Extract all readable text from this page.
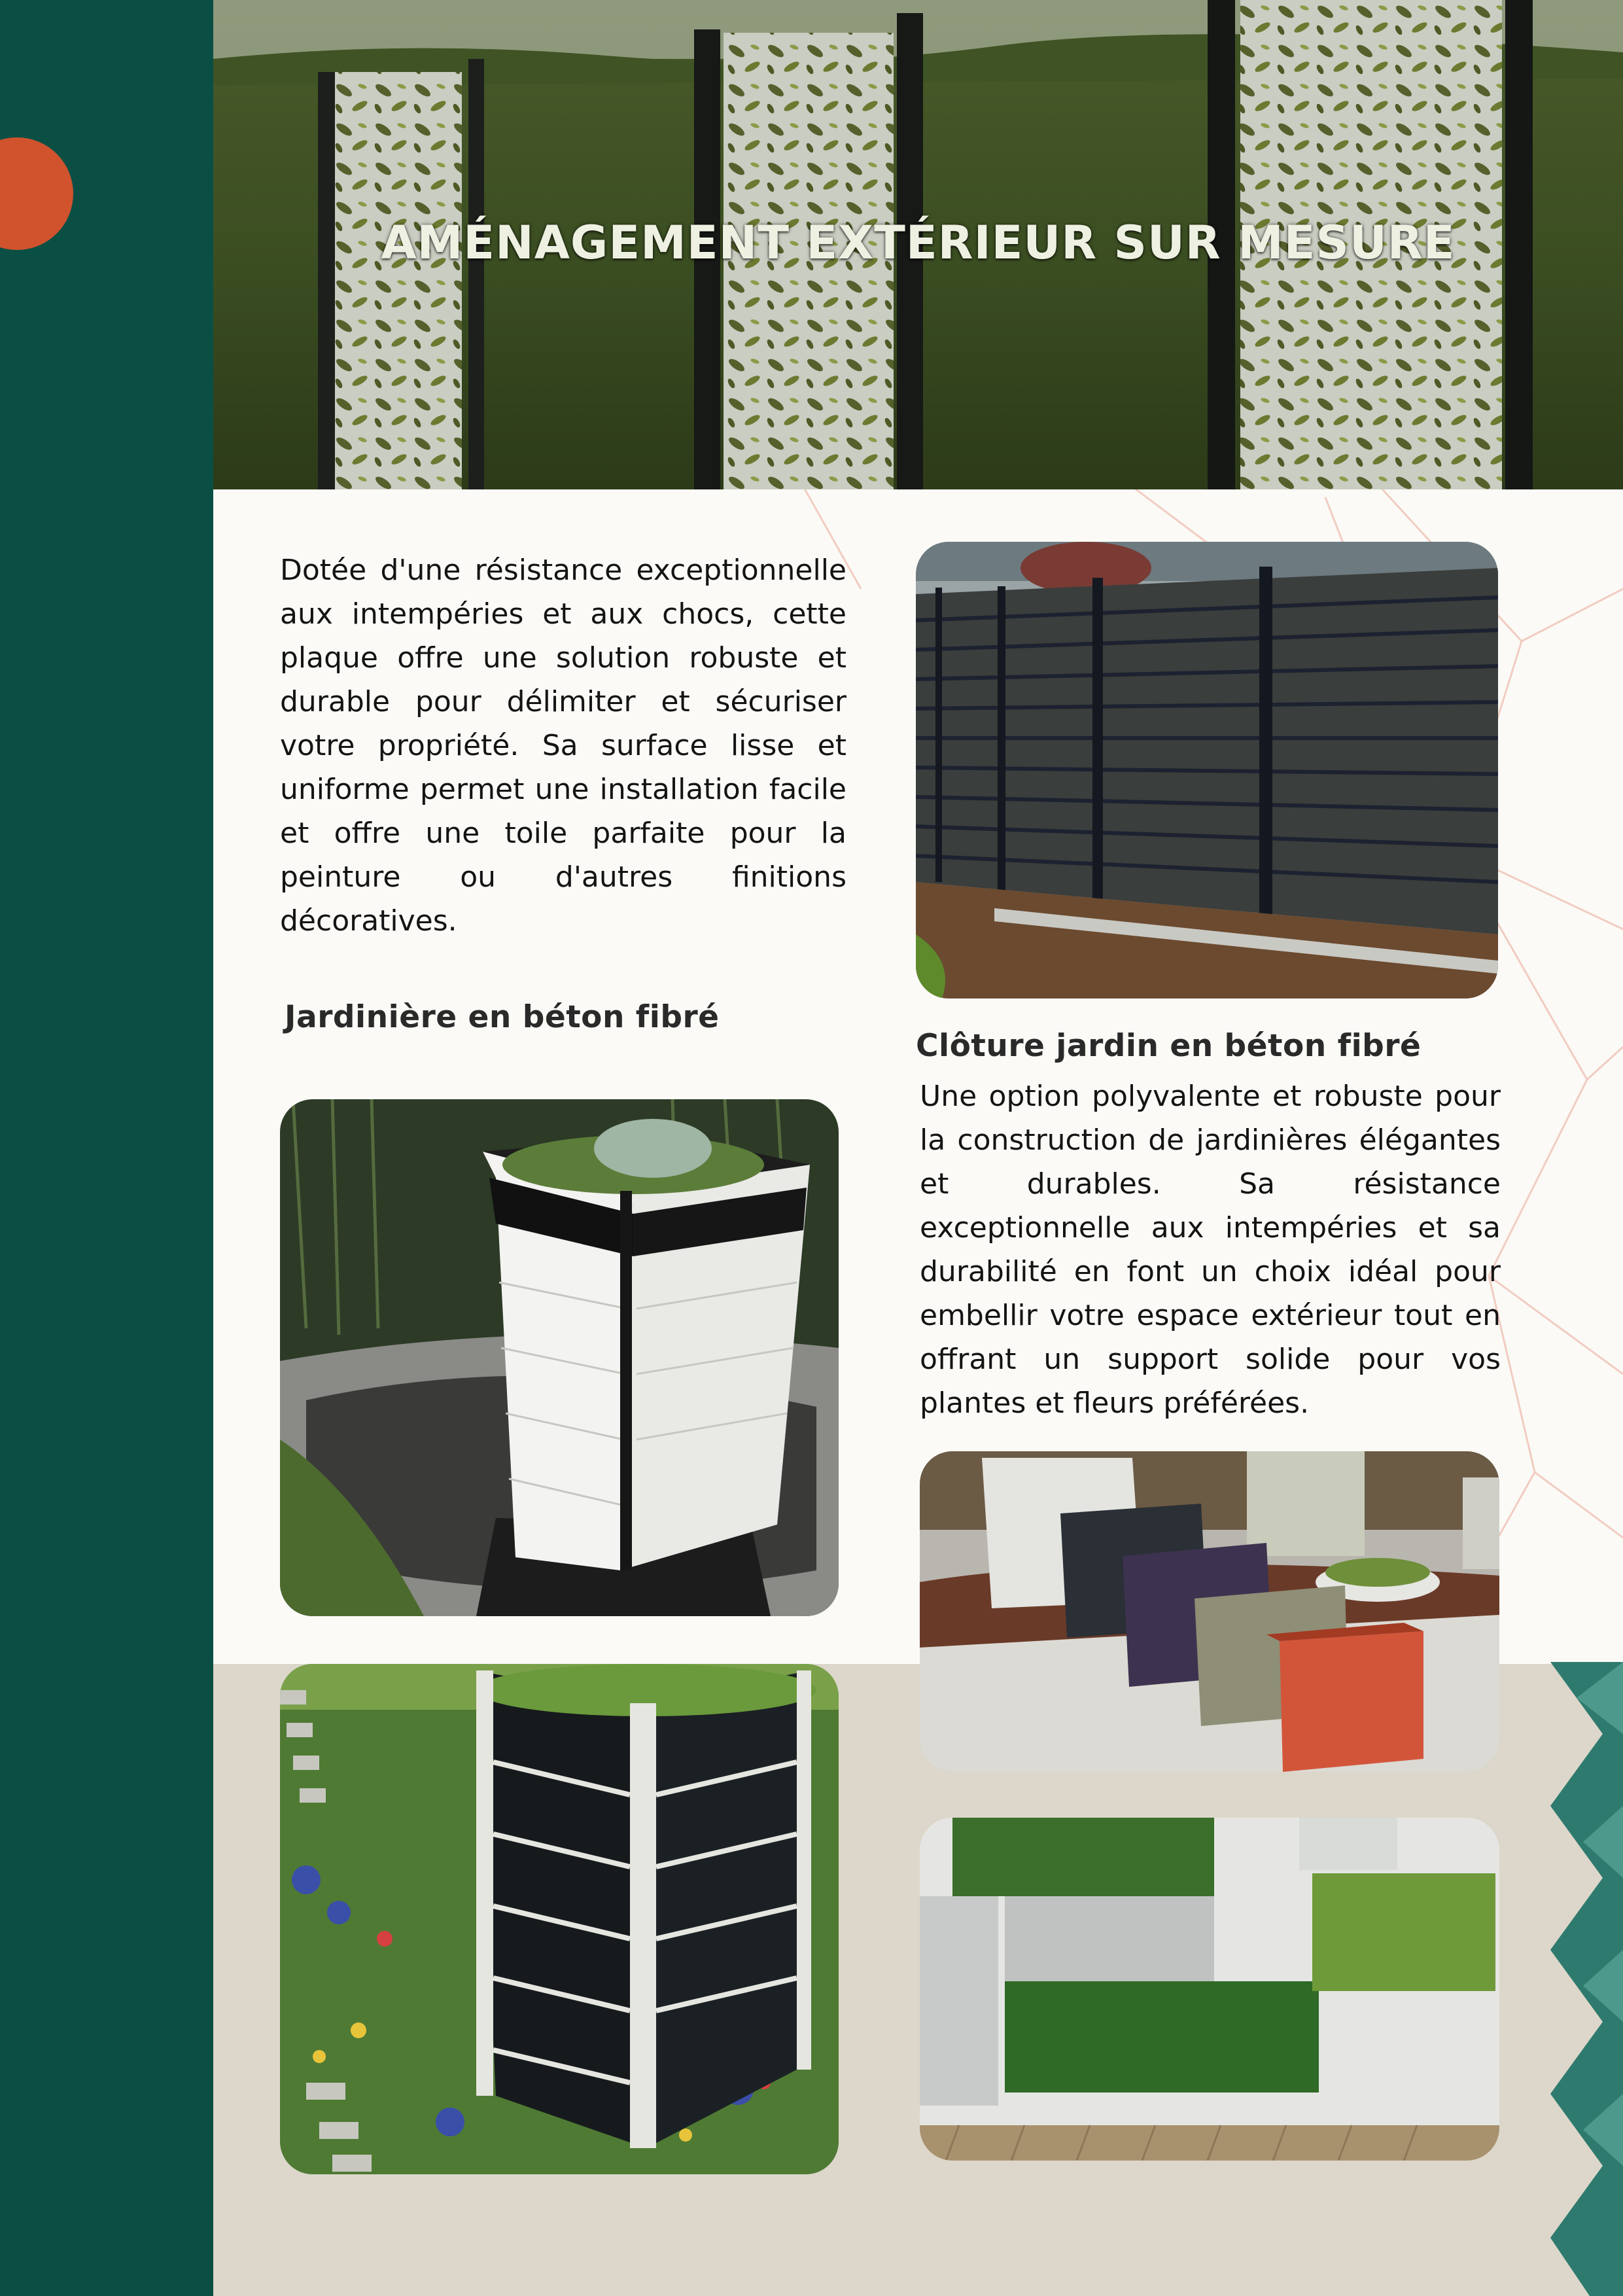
AMÉNAGEMENT EXTÉRIEUR SUR MESURE

Dotée d'une résistance exceptionnelle aux intempéries et aux chocs, cette plaque offre une solution robuste et durable pour délimiter et sécuriser votre propriété. Sa surface lisse et uniforme permet une installation facile et offre une toile parfaite pour la peinture ou d'autres finitions décoratives.

Jardinière en béton fibré
Clôture jardin en béton fibré

Une option polyvalente et robuste pour la construction de jardinières élégantes et durables. Sa résistance exceptionnelle aux intempéries et sa durabilité en font un choix idéal pour embellir votre espace extérieur tout en offrant un support solide pour vos plantes et fleurs préférées.
